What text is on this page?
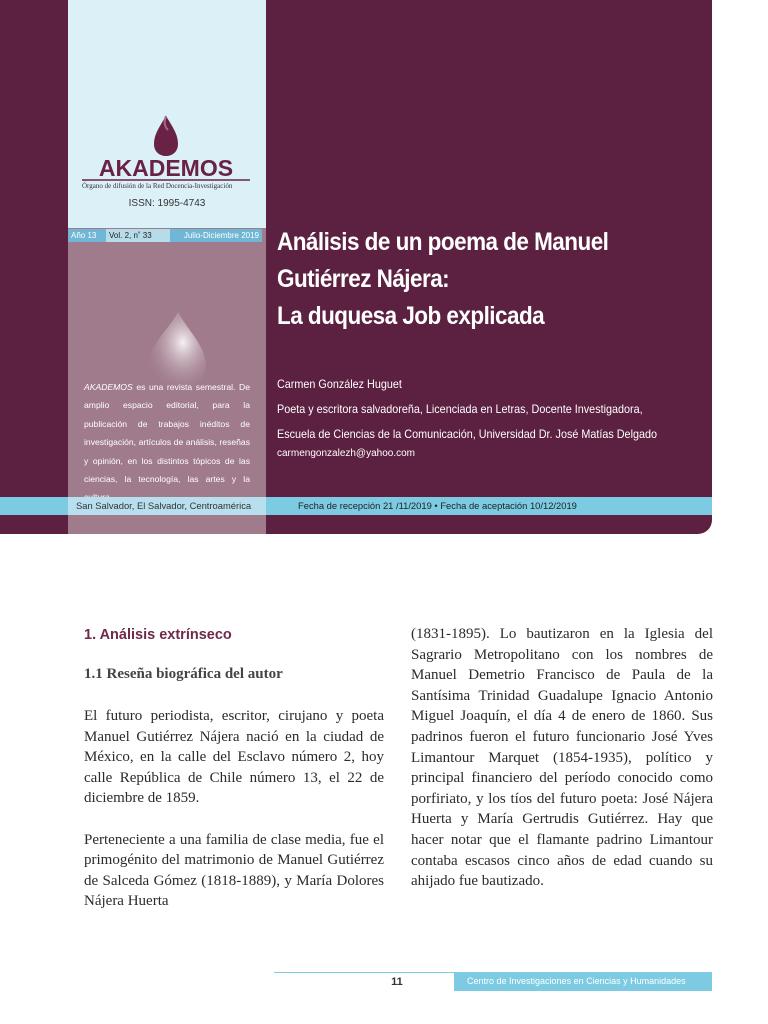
AKADEMOS
Órgano de difusión de la Red Docencia-Investigación
ISSN: 1995-4743
Año 13	Vol. 2, n˚ 33	Julio-Diciembre 2019
AKADEMOS es una revista semestral. De amplio espacio editorial, para la publicación de trabajos inéditos de investigación, artículos de análisis, reseñas y opinión, en los distintos tópicos de las ciencias, la tecnología, las artes y la
Análisis de un poema de Manuel
Gutiérrez Nájera:
La duquesa Job explicada
Carmen González Huguet
Poeta y escritora salvadoreña, Licenciada en Letras, Docente Investigadora,
Escuela de Ciencias de la Comunicación, Universidad Dr. José Matías Delgado
carmengonzalezh@yahoo.com
San Salvador, El Salvador, Centroamérica	Fecha de recepción 21 /11/2019 • Fecha de aceptación 10/12/2019
1. Análisis extrínseco
1.1 Reseña biográfica del autor

El futuro periodista, escritor, cirujano y poeta Manuel Gutiérrez Nájera nació en la ciudad de México, en la calle del Esclavo número 2, hoy calle República de Chile número 13, el 22 de diciembre de 1859.

Perteneciente a una familia de clase media, fue el primogénito del matrimonio de Manuel Gutiérrez de Salceda Gómez (1818-1889), y María Dolores Nájera Huerta

(1831-1895). Lo bautizaron en la Iglesia del Sagrario Metropolitano con los nombres de Manuel Demetrio Francisco de Paula de la Santísima Trinidad Guadalupe Ignacio Antonio Miguel Joaquín, el día 4 de enero de 1860. Sus padrinos fueron el futuro funcionario José Yves Limantour Marquet (1854-1935), político y principal financiero del período conocido como porfiriato, y los tíos del futuro poeta: José Nájera Huerta y María Gertrudis Gutiérrez. Hay que hacer notar que el flamante padrino Limantour contaba escasos cinco años de edad cuando su ahijado fue bautizado.

11	Centro de Investigaciones en Ciencias y Humanidades
